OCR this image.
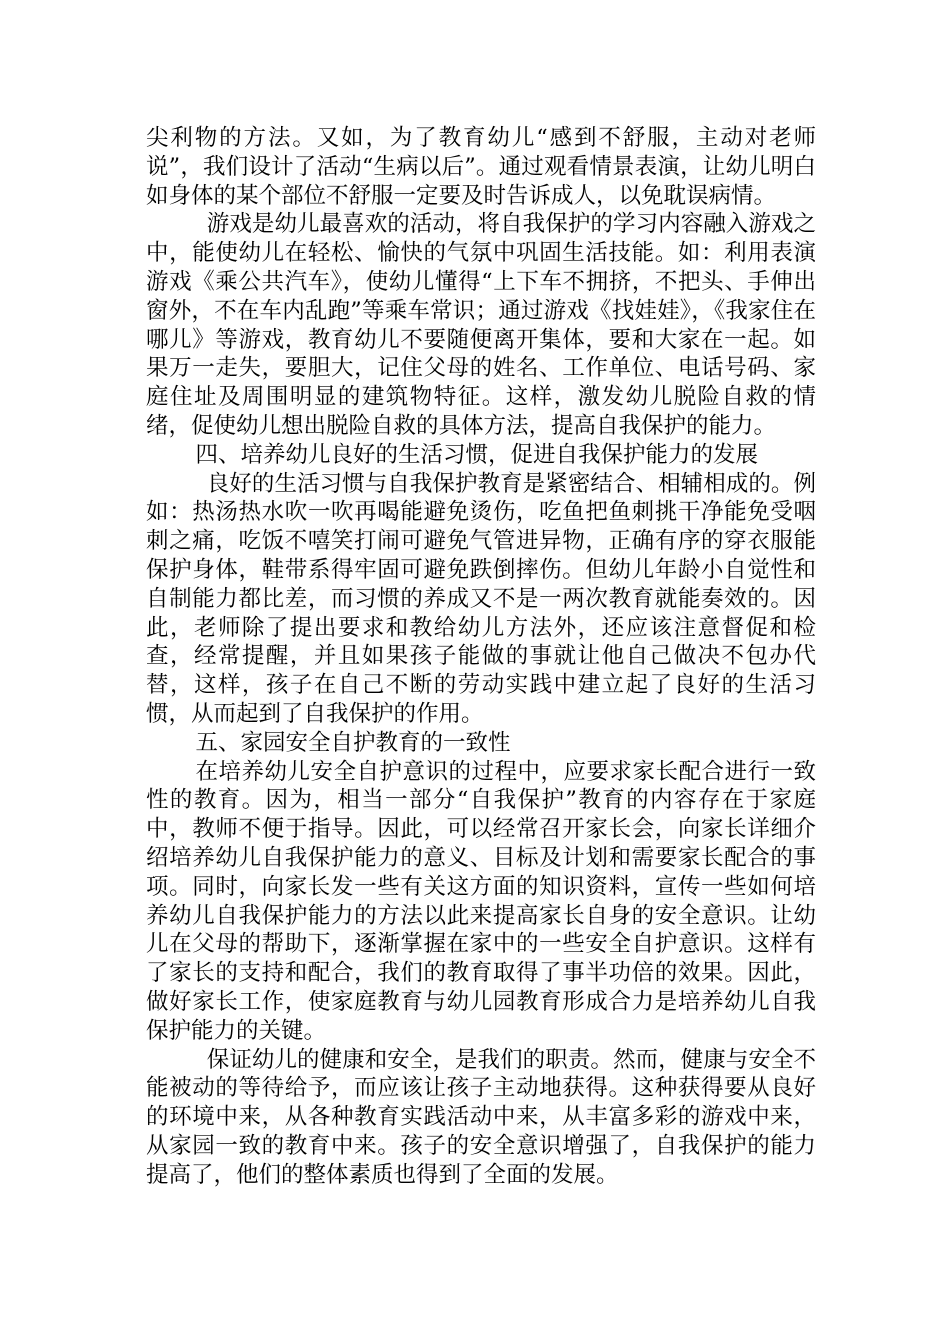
尖利物的方法。又如，为了教育幼儿“感到不舒服，主动对老师说”，我们设计了活动“生病以后”。通过观看情景表演，让幼儿明白如身体的某个部位不舒服一定要及时告诉成人，以免耽误病情。

游戏是幼儿最喜欢的活动，将自我保护的学习内容融入游戏之中，能使幼儿在轻松、愉快的气氛中巩固生活技能。如：利用表演游戏《乘公共汽车》，使幼儿懂得“上下车不拥挤，不把头、手伸出窗外，不在车内乱跑”等乘车常识；通过游戏《找娃娃》，《我家住在哪儿》等游戏，教育幼儿不要随便离开集体，要和大家在一起。如果万一走失，要胆大，记住父母的姓名、工作单位、电话号码、家庭住址及周围明显的建筑物特征。这样，激发幼儿脱险自救的情绪，促使幼儿想出脱险自救的具体方法，提高自我保护的能力。

四、培养幼儿良好的生活习惯，促进自我保护能力的发展

良好的生活习惯与自我保护教育是紧密结合、相辅相成的。例如：热汤热水吹一吹再喝能避免烫伤，吃鱼把鱼刺挑干净能免受咽刺之痛，吃饭不嘻笑打闹可避免气管进异物，正确有序的穿衣服能保护身体，鞋带系得牢固可避免跌倒摔伤。但幼儿年龄小自觉性和自制能力都比差，而习惯的养成又不是一两次教育就能奏效的。因此，老师除了提出要求和教给幼儿方法外，还应该注意督促和检查，经常提醒，并且如果孩子能做的事就让他自己做决不包办代替，这样，孩子在自己不断的劳动实践中建立起了良好的生活习惯，从而起到了自我保护的作用。

五、家园安全自护教育的一致性

在培养幼儿安全自护意识的过程中，应要求家长配合进行一致性的教育。因为，相当一部分“自我保护”教育的内容存在于家庭中，教师不便于指导。因此，可以经常召开家长会，向家长详细介绍培养幼儿自我保护能力的意义、目标及计划和需要家长配合的事项。同时，向家长发一些有关这方面的知识资料，宣传一些如何培养幼儿自我保护能力的方法以此来提高家长自身的安全意识。让幼儿在父母的帮助下，逐渐掌握在家中的一些安全自护意识。这样有了家长的支持和配合，我们的教育取得了事半功倍的效果。因此，做好家长工作，使家庭教育与幼儿园教育形成合力是培养幼儿自我保护能力的关键。

保证幼儿的健康和安全，是我们的职责。然而，健康与安全不能被动的等待给予，而应该让孩子主动地获得。这种获得要从良好的环境中来，从各种教育实践活动中来，从丰富多彩的游戏中来，从家园一致的教育中来。孩子的安全意识增强了，自我保护的能力提高了，他们的整体素质也得到了全面的发展。
